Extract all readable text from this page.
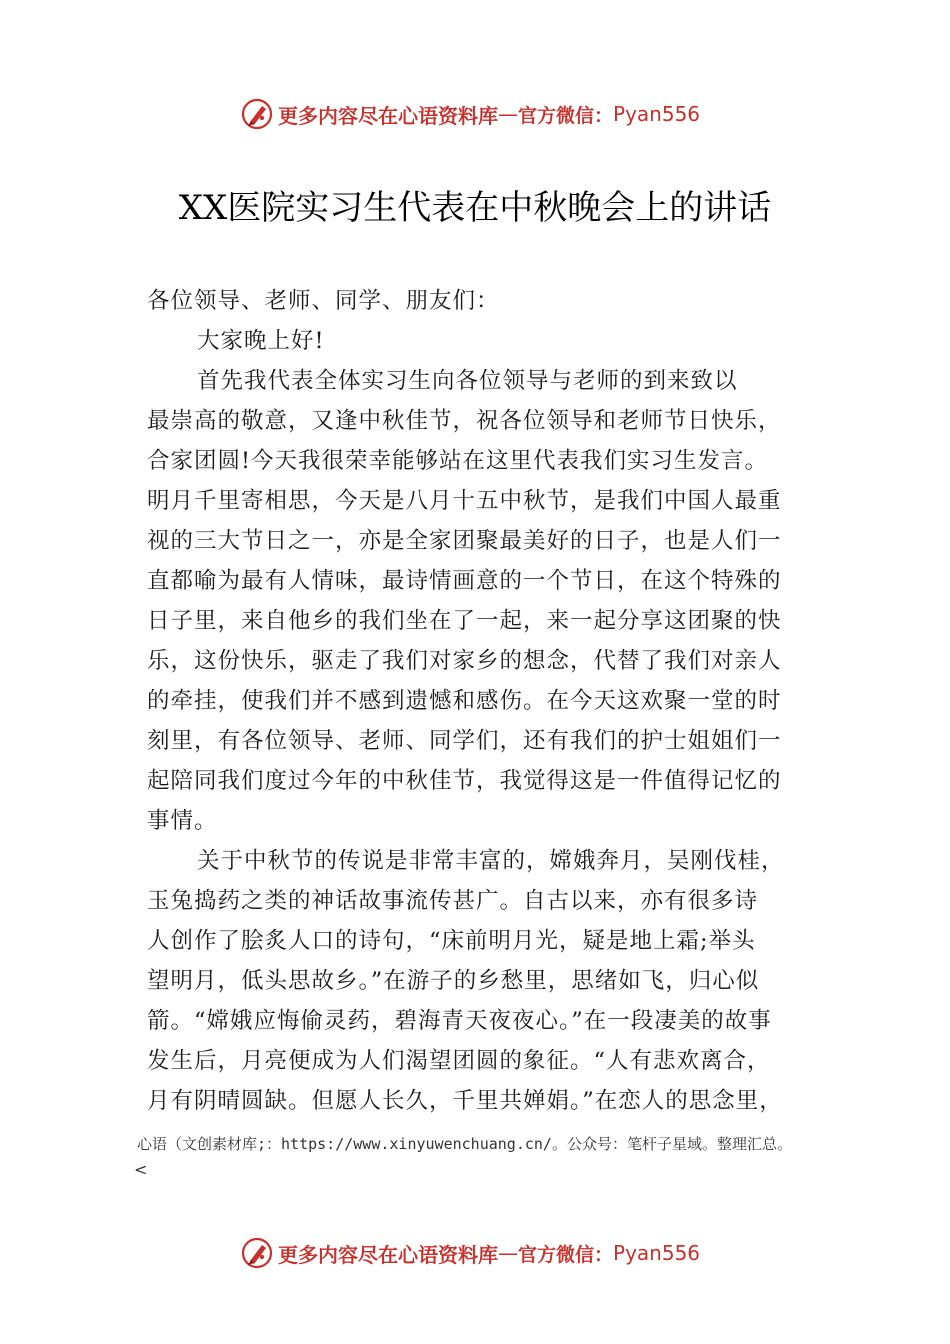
更多内容尽在心语资料库 — 官方微信： Pyan556
XX医院实习生代表在中秋晚会上的讲话
各位领导、老师、同学、朋友们：
大家晚上好!
首先我代表全体实习生向各位领导与老师的到来致以
最崇高的敬意，又逢中秋佳节，祝各位领导和老师节日快乐，
合家团圆!今天我很荣幸能够站在这里代表我们实习生发言。
明月千里寄相思，今天是八月十五中秋节，是我们中国人最重
视的三大节日之一，亦是全家团聚最美好的日子，也是人们一
直都喻为最有人情味，最诗情画意的一个节日，在这个特殊的
日子里，来自他乡的我们坐在了一起，来一起分享这团聚的快
乐，这份快乐，驱走了我们对家乡的想念，代替了我们对亲人
的牵挂，使我们并不感到遗憾和感伤。在今天这欢聚一堂的时
刻里，有各位领导、老师、同学们，还有我们的护士姐姐们一
起陪同我们度过今年的中秋佳节，我觉得这是一件值得记忆的
事情。
关于中秋节的传说是非常丰富的，嫦娥奔月，吴刚伐桂，
玉兔捣药之类的神话故事流传甚广。自古以来，亦有很多诗
人创作了脍炙人口的诗句，“床前明月光，疑是地上霜;举头
望明月，低头思故乡。”在游子的乡愁里，思绪如飞，归心似
箭。“嫦娥应悔偷灵药，碧海青天夜夜心。”在一段凄美的故事
发生后，月亮便成为人们渴望团圆的象征。“人有悲欢离合，
月有阴晴圆缺。但愿人长久，千里共婵娟。”在恋人的思念里，
心语（文创素材库;：https://www.xinyuwenchuang.cn/。公众号：笔杆子星域。整理汇总。
<
更多内容尽在心语资料库 — 官方微信： Pyan556
